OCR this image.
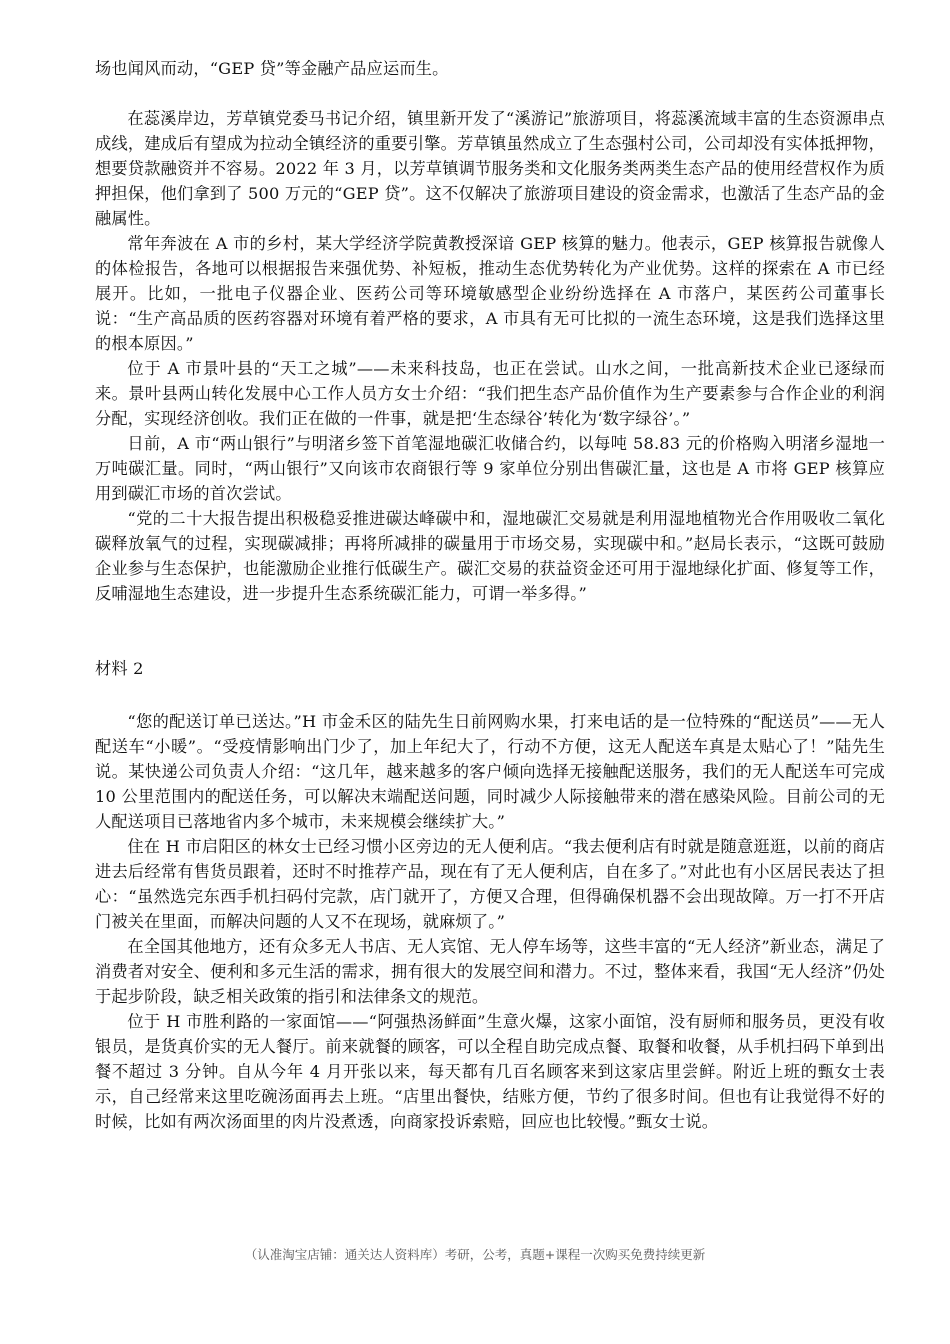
场也闻风而动，“GEP 贷”等金融产品应运而生。

在蕊溪岸边，芳草镇党委马书记介绍，镇里新开发了“溪游记”旅游项目，将蕊溪流域丰富的生态资源串点成线，建成后有望成为拉动全镇经济的重要引擎。芳草镇虽然成立了生态强村公司，公司却没有实体抵押物，想要贷款融资并不容易。2022 年 3 月，以芳草镇调节服务类和文化服务类两类生态产品的使用经营权作为质押担保，他们拿到了 500 万元的“GEP 贷”。这不仅解决了旅游项目建设的资金需求，也激活了生态产品的金融属性。

常年奔波在 A 市的乡村，某大学经济学院黄教授深谙 GEP 核算的魅力。他表示，GEP 核算报告就像人的体检报告，各地可以根据报告来强优势、补短板，推动生态优势转化为产业优势。这样的探索在 A 市已经展开。比如，一批电子仪器企业、医药公司等环境敏感型企业纷纷选择在 A 市落户，某医药公司董事长说：“生产高品质的医药容器对环境有着严格的要求，A 市具有无可比拟的一流生态环境，这是我们选择这里的根本原因。”

位于 A 市景叶县的“天工之城”——未来科技岛，也正在尝试。山水之间，一批高新技术企业已逐绿而来。景叶县两山转化发展中心工作人员方女士介绍：“我们把生态产品价值作为生产要素参与合作企业的利润分配，实现经济创收。我们正在做的一件事，就是把‘生态绿谷’转化为‘数字绿谷’。”

日前，A 市“两山银行”与明渚乡签下首笔湿地碳汇收储合约，以每吨 58.83 元的价格购入明渚乡湿地一万吨碳汇量。同时，“两山银行”又向该市农商银行等 9 家单位分别出售碳汇量，这也是 A 市将 GEP 核算应用到碳汇市场的首次尝试。

“党的二十大报告提出积极稳妥推进碳达峰碳中和，湿地碳汇交易就是利用湿地植物光合作用吸收二氧化碳释放氧气的过程，实现碳减排；再将所减排的碳量用于市场交易，实现碳中和。”赵局长表示，“这既可鼓励企业参与生态保护，也能激励企业推行低碳生产。碳汇交易的获益资金还可用于湿地绿化扩面、修复等工作，反哺湿地生态建设，进一步提升生态系统碳汇能力，可谓一举多得。”

材料 2

“您的配送订单已送达。”H 市金禾区的陆先生日前网购水果，打来电话的是一位特殊的“配送员”——无人配送车“小暖”。“受疫情影响出门少了，加上年纪大了，行动不方便，这无人配送车真是太贴心了！”陆先生说。某快递公司负责人介绍：“这几年，越来越多的客户倾向选择无接触配送服务，我们的无人配送车可完成 10 公里范围内的配送任务，可以解决末端配送问题，同时减少人际接触带来的潜在感染风险。目前公司的无人配送项目已落地省内多个城市，未来规模会继续扩大。”

住在 H 市启阳区的林女士已经习惯小区旁边的无人便利店。“我去便利店有时就是随意逛逛，以前的商店进去后经常有售货员跟着，还时不时推荐产品，现在有了无人便利店，自在多了。”对此也有小区居民表达了担心：“虽然选完东西手机扫码付完款，店门就开了，方便又合理，但得确保机器不会出现故障。万一打不开店门被关在里面，而解决问题的人又不在现场，就麻烦了。”

在全国其他地方，还有众多无人书店、无人宾馆、无人停车场等，这些丰富的“无人经济”新业态，满足了消费者对安全、便利和多元生活的需求，拥有很大的发展空间和潜力。不过，整体来看，我国“无人经济”仍处于起步阶段，缺乏相关政策的指引和法律条文的规范。

位于 H 市胜利路的一家面馆——“阿强热汤鲜面”生意火爆，这家小面馆，没有厨师和服务员，更没有收银员，是货真价实的无人餐厅。前来就餐的顾客，可以全程自助完成点餐、取餐和收餐，从手机扫码下单到出餐不超过 3 分钟。自从今年 4 月开张以来，每天都有几百名顾客来到这家店里尝鲜。附近上班的甄女士表示，自己经常来这里吃碗汤面再去上班。“店里出餐快，结账方便，节约了很多时间。但也有让我觉得不好的时候，比如有两次汤面里的肉片没煮透，向商家投诉索赔，回应也比较慢。”甄女士说。

（认准淘宝店铺：通关达人资料库）考研，公考，真题+课程一次购买免费持续更新
